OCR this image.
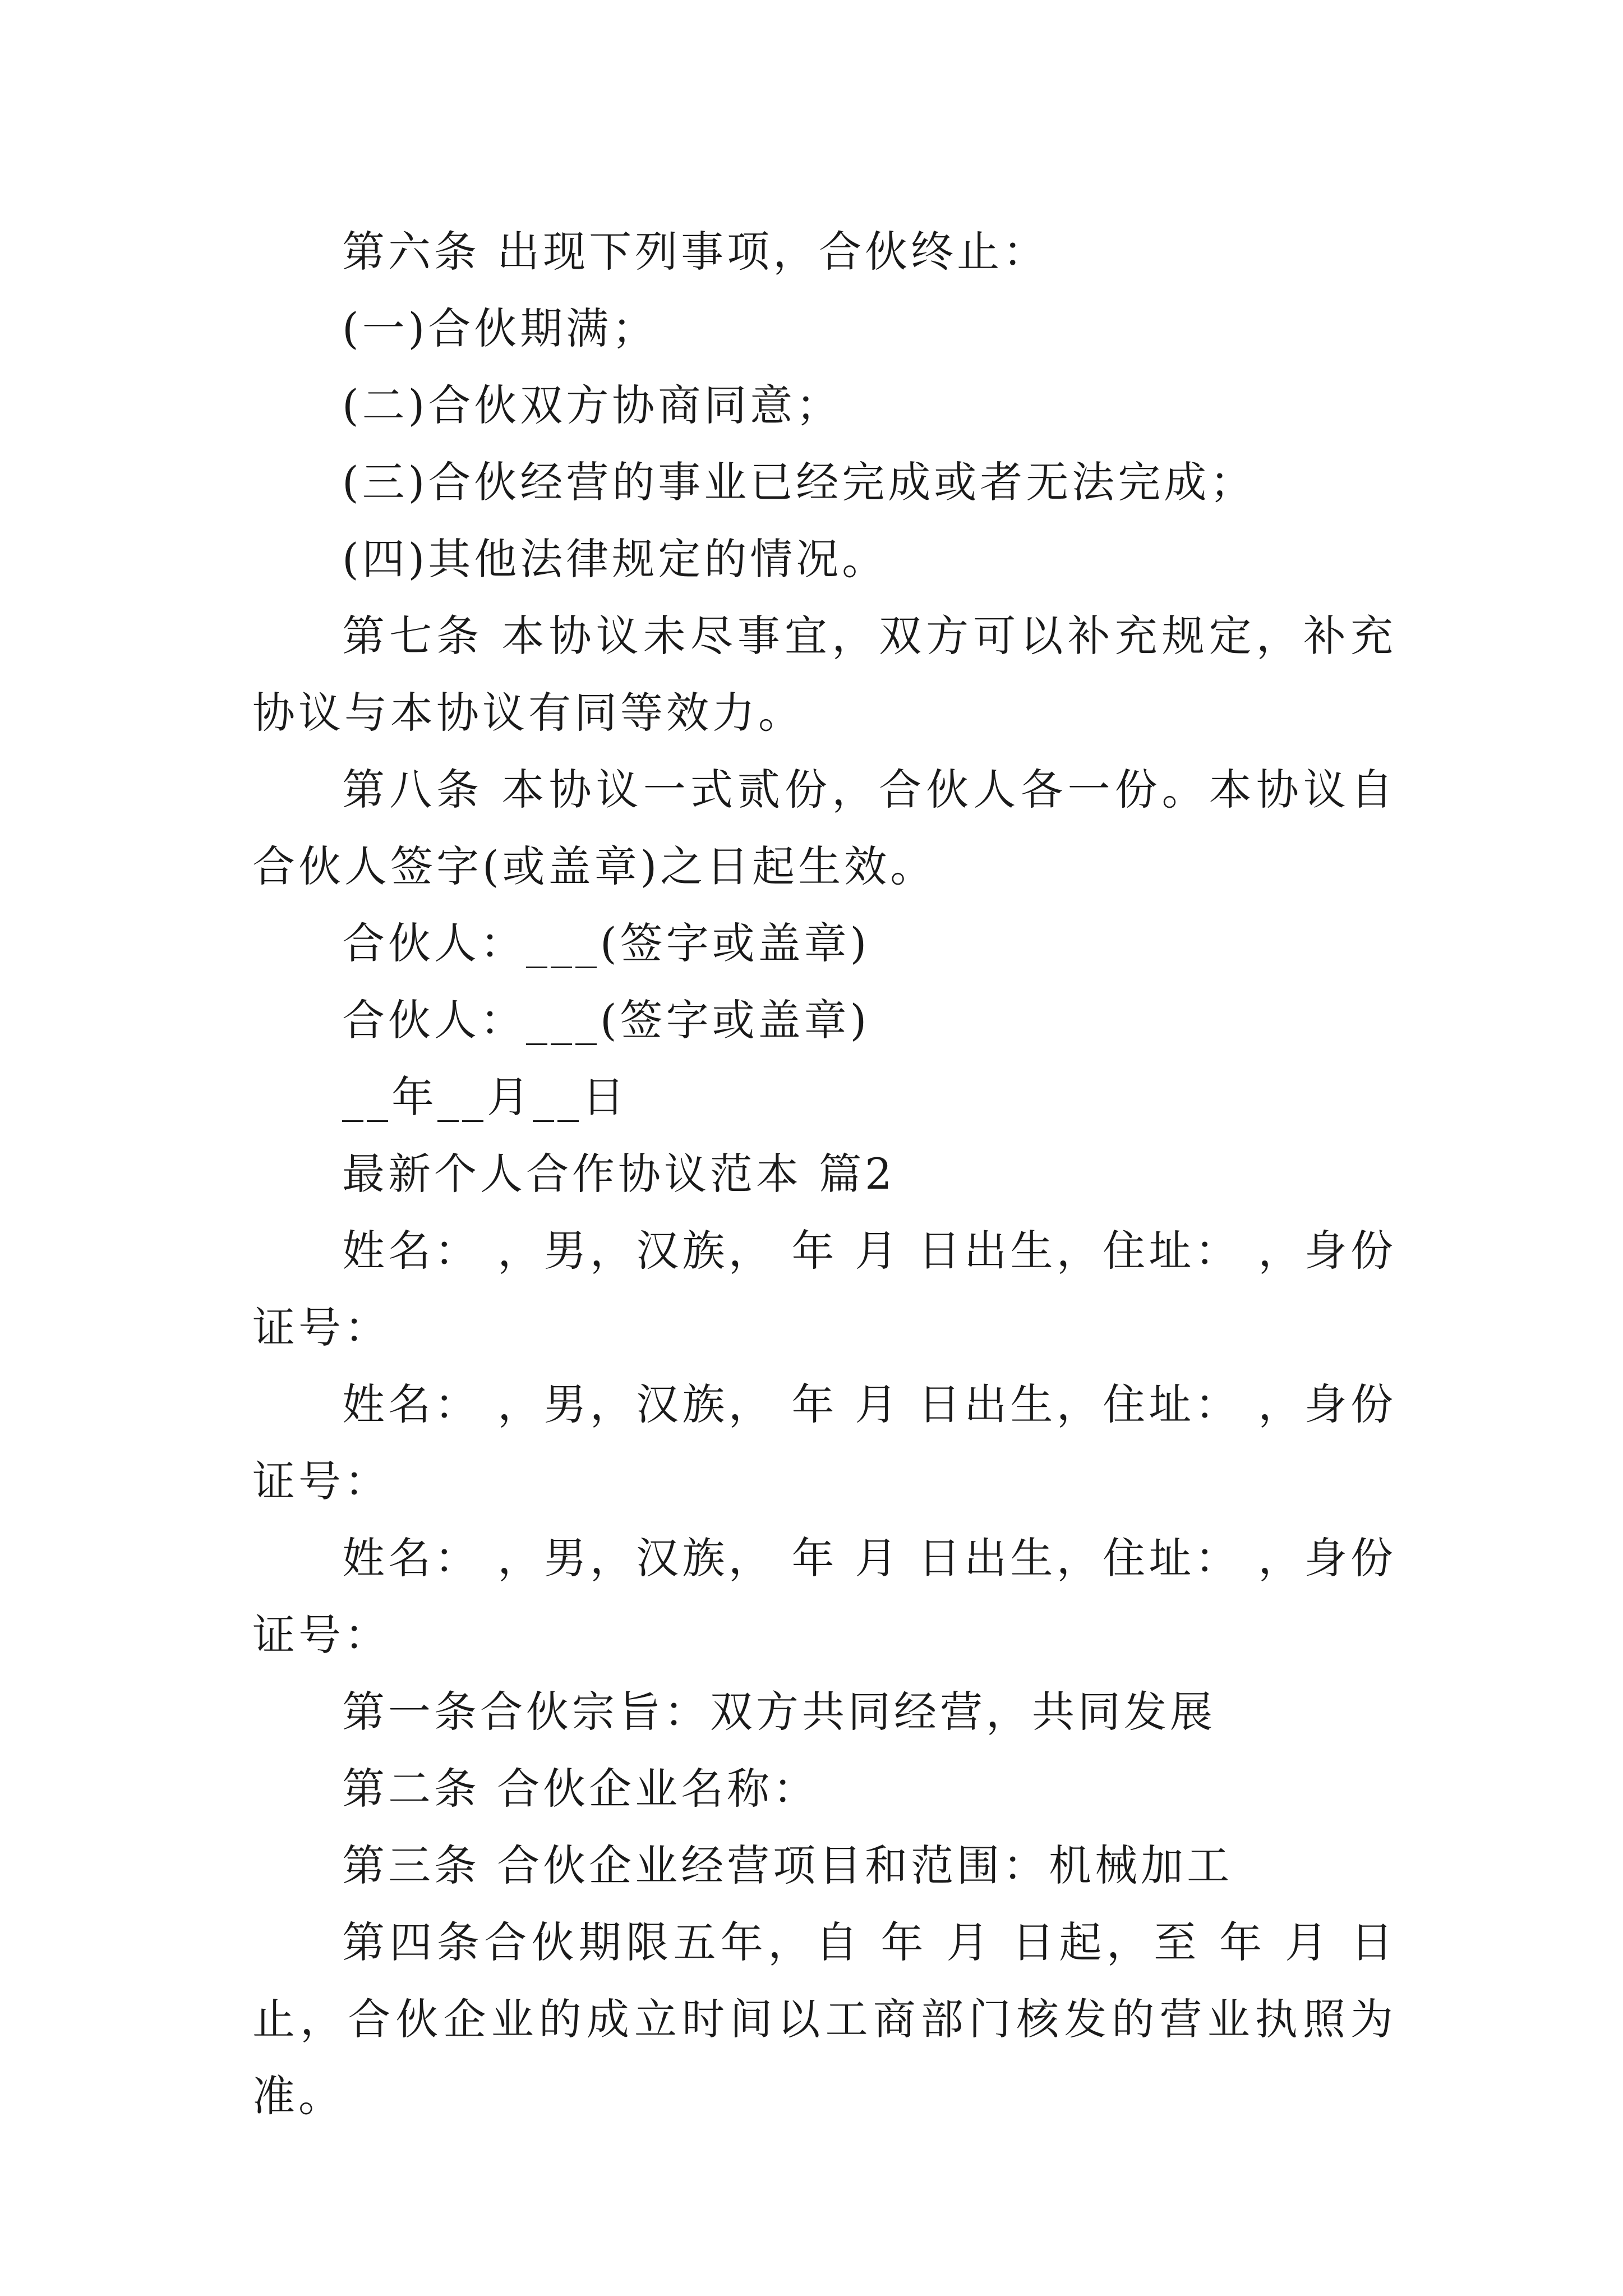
第六条 出现下列事项，合伙终止：

(一)合伙期满；

(二)合伙双方协商同意；

(三)合伙经营的事业已经完成或者无法完成；

(四)其他法律规定的情况。

第七条 本协议未尽事宜，双方可以补充规定，补充协议与本协议有同等效力。

第八条 本协议一式贰份，合伙人各一份。本协议自合伙人签字(或盖章)之日起生效。

合伙人：___(签字或盖章)

合伙人：___(签字或盖章)

__年__月__日

最新个人合作协议范本 篇2

姓名： ，男，汉族， 年 月 日出生，住址： ，身份证号：

姓名： ，男，汉族， 年 月 日出生，住址： ，身份证号：

姓名： ，男，汉族， 年 月 日出生，住址： ，身份证号：

第一条合伙宗旨：双方共同经营，共同发展

第二条 合伙企业名称：

第三条 合伙企业经营项目和范围：机械加工

第四条合伙期限五年，自 年 月 日起，至 年 月 日止，合伙企业的成立时间以工商部门核发的营业执照为准。
